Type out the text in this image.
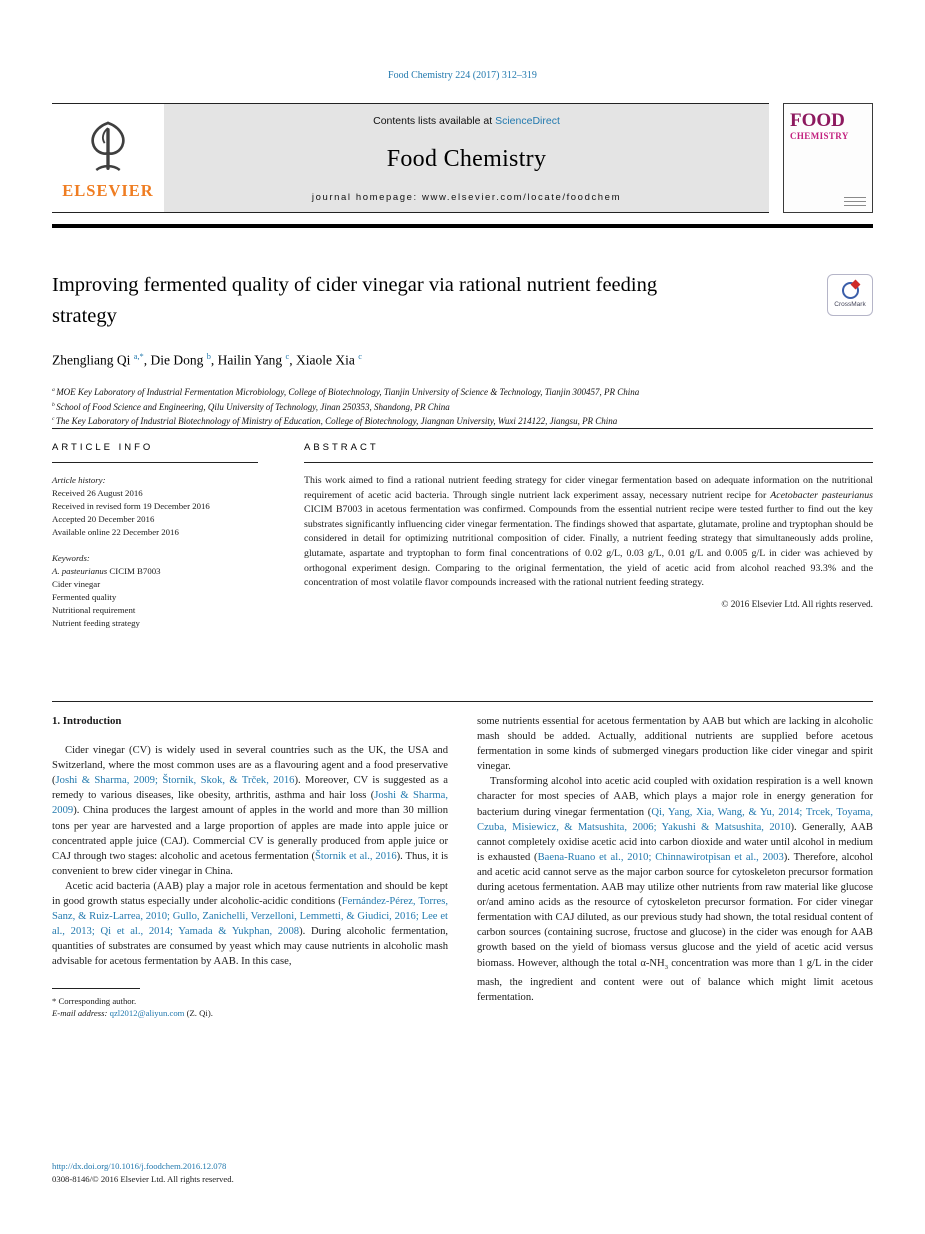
Food Chemistry 224 (2017) 312–319
ELSEVIER
Contents lists available at ScienceDirect
Food Chemistry
journal homepage: www.elsevier.com/locate/foodchem
FOOD
CHEMISTRY
Improving fermented quality of cider vinegar via rational nutrient feeding strategy
CrossMark
Zhengliang Qi $^{a,*}$, Die Dong $^b$, Hailin Yang $^c$, Xiaole Xia $^c$
$^a$ MOE Key Laboratory of Industrial Fermentation Microbiology, College of Biotechnology, Tianjin University of Science & Technology, Tianjin 300457, PR China
$^b$ School of Food Science and Engineering, Qilu University of Technology, Jinan 250353, Shandong, PR China
$^c$ The Key Laboratory of Industrial Biotechnology of Ministry of Education, College of Biotechnology, Jiangnan University, Wuxi 214122, Jiangsu, PR China
ARTICLE INFO
Article history:
Received 26 August 2016
Received in revised form 19 December 2016
Accepted 20 December 2016
Available online 22 December 2016
Keywords:
A. pasteurianus CICIM B7003
Cider vinegar
Fermented quality
Nutritional requirement
Nutrient feeding strategy
ABSTRACT
This work aimed to find a rational nutrient feeding strategy for cider vinegar fermentation based on adequate information on the nutritional requirement of acetic acid bacteria. Through single nutrient lack experiment assay, necessary nutrient recipe for Acetobacter pasteurianus CICIM B7003 in acetous fermentation was confirmed. Compounds from the essential nutrient recipe were tested further to find out the key substrates significantly influencing cider vinegar fermentation. The findings showed that aspartate, glutamate, proline and tryptophan should be considered in detail for optimizing nutritional composition of cider. Finally, a nutrient feeding strategy that simultaneously adds proline, glutamate, aspartate and tryptophan to form final concentrations of 0.02 g/L, 0.03 g/L, 0.01 g/L and 0.005 g/L in cider was achieved by orthogonal experiment design. Comparing to the original fermentation, the yield of acetic acid from alcohol reached 93.3% and the concentration of most volatile flavor compounds increased with the rational nutrient feeding strategy.
© 2016 Elsevier Ltd. All rights reserved.
1. Introduction

Cider vinegar (CV) is widely used in several countries such as the UK, the USA and Switzerland, where the most common uses are as a flavouring agent and a food preservative (Joshi & Sharma, 2009; Štornik, Skok, & Trček, 2016). Moreover, CV is suggested as a remedy to various diseases, like obesity, arthritis, asthma and hair loss (Joshi & Sharma, 2009). China produces the largest amount of apples in the world and more than 30 million tons per year are harvested and a large proportion of apples are made into apple juice or concentrated apple juice (CAJ). Commercial CV is generally produced from apple juice or CAJ through two stages: alcoholic and acetous fermentation (Štornik et al., 2016). Thus, it is convenient to brew cider vinegar in China.

Acetic acid bacteria (AAB) play a major role in acetous fermentation and should be kept in good growth status especially under alcoholic-acidic conditions (Fernández-Pérez, Torres, Sanz, & Ruiz-Larrea, 2010; Gullo, Zanichelli, Verzelloni, Lemmetti, & Giudici, 2016; Lee et al., 2013; Qi et al., 2014; Yamada & Yukphan, 2008). During alcoholic fermentation, quantities of substrates are consumed by yeast which may cause nutrients in alcoholic mash advisable for acetous fermentation by AAB. In this case,

* Corresponding author.
E-mail address: qzl2012@aliyun.com (Z. Qi).

some nutrients essential for acetous fermentation by AAB but which are lacking in alcoholic mash should be added. Actually, additional nutrients are supplied before acetous fermentation in some kinds of submerged vinegars production like cider vinegar and spirit vinegar.

Transforming alcohol into acetic acid coupled with oxidation respiration is a well known character for most species of AAB, which plays a major role in energy generation for bacterium during vinegar fermentation (Qi, Yang, Xia, Wang, & Yu, 2014; Trcek, Toyama, Czuba, Misiewicz, & Matsushita, 2006; Yakushi & Matsushita, 2010). Generally, AAB cannot completely oxidise acetic acid into carbon dioxide and water until alcohol in medium is exhausted (Baena-Ruano et al., 2010; Chinnawirotpisan et al., 2003). Therefore, alcohol and acetic acid cannot serve as the major carbon source for cytoskeleton precursor formation during acetous fermentation. AAB may utilize other nutrients from raw material like glucose or/and amino acids as the resource of cytoskeleton precursor formation. For cider vinegar fermentation with CAJ diluted, as our previous study had shown, the total residual content of carbon sources (containing sucrose, fructose and glucose) in the cider was enough for AAB growth based on the yield of biomass versus glucose and the yield of acetic acid versus biomass. However, although the total $\alpha-NH_3$ concentration was more than 1 g/L in the cider mash, the ingredient and content were out of balance which might limit acetous fermentation.

http://dx.doi.org/10.1016/j.foodchem.2016.12.078
0308-8146/© 2016 Elsevier Ltd. All rights reserved.
